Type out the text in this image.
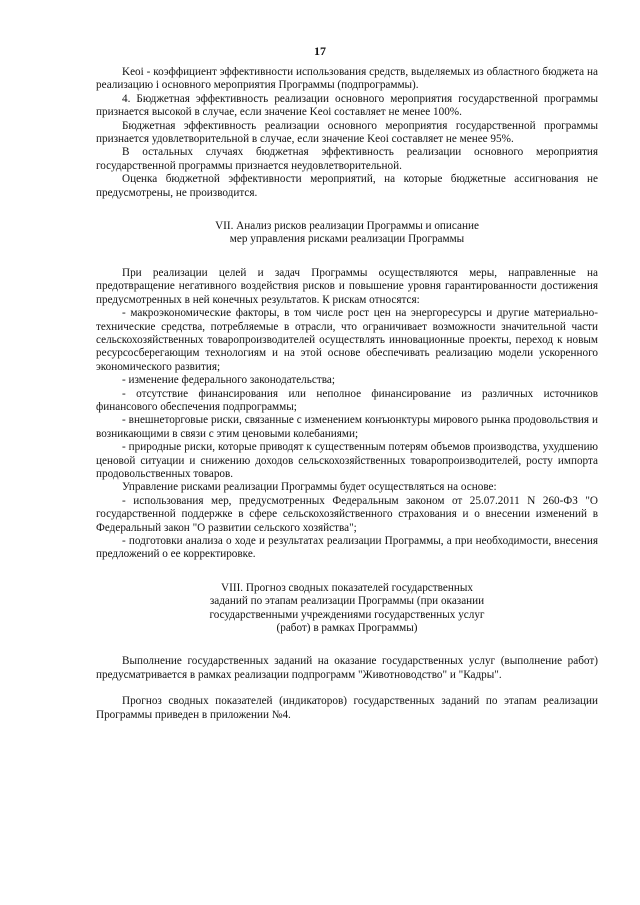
17

Keoi - коэффициент эффективности использования средств, выделяемых из областного бюджета на реализацию i основного мероприятия Программы (подпрограммы).

4. Бюджетная эффективность реализации основного мероприятия государственной программы признается высокой в случае, если значение Keoi составляет не менее 100%.

Бюджетная эффективность реализации основного мероприятия государственной программы признается удовлетворительной в случае, если значение Keoi составляет не менее 95%.

В остальных случаях бюджетная эффективность реализации основного мероприятия государственной программы признается неудовлетворительной.

Оценка бюджетной эффективности мероприятий, на которые бюджетные ассигнования не предусмотрены, не производится.

VII. Анализ рисков реализации Программы и описание

мер управления рисками реализации Программы

При реализации целей и задач Программы осуществляются меры, направленные на предотвращение негативного воздействия рисков и повышение уровня гарантированности достижения предусмотренных в ней конечных результатов. К рискам относятся:

- макроэкономические факторы, в том числе рост цен на энергоресурсы и другие материально-технические средства, потребляемые в отрасли, что ограничивает возможности значительной части сельскохозяйственных товаропроизводителей осуществлять инновационные проекты, переход к новым ресурсосберегающим технологиям и на этой основе обеспечивать реализацию модели ускоренного экономического развития;

- изменение федерального законодательства;

- отсутствие финансирования или неполное финансирование из различных источников финансового обеспечения подпрограммы;

- внешнеторговые риски, связанные с изменением конъюнктуры мирового рынка продовольствия и возникающими в связи с этим ценовыми колебаниями;

- природные риски, которые приводят к существенным потерям объемов производства, ухудшению ценовой ситуации и снижению доходов сельскохозяйственных товаропроизводителей, росту импорта продовольственных товаров.

Управление рисками реализации Программы будет осуществляться на основе:

- использования мер, предусмотренных Федеральным законом от 25.07.2011 N 260-ФЗ "О государственной поддержке в сфере сельскохозяйственного страхования и о внесении изменений в Федеральный закон "О развитии сельского хозяйства";

- подготовки анализа о ходе и результатах реализации Программы, а при необходимости, внесения предложений о ее корректировке.

VIII. Прогноз сводных показателей государственных

заданий по этапам реализации Программы (при оказании

государственными учреждениями государственных услуг

(работ) в рамках Программы)

Выполнение государственных заданий на оказание государственных услуг (выполнение работ) предусматривается в рамках реализации подпрограмм "Животноводство" и "Кадры".

Прогноз сводных показателей (индикаторов) государственных заданий по этапам реализации Программы приведен в приложении №4.
